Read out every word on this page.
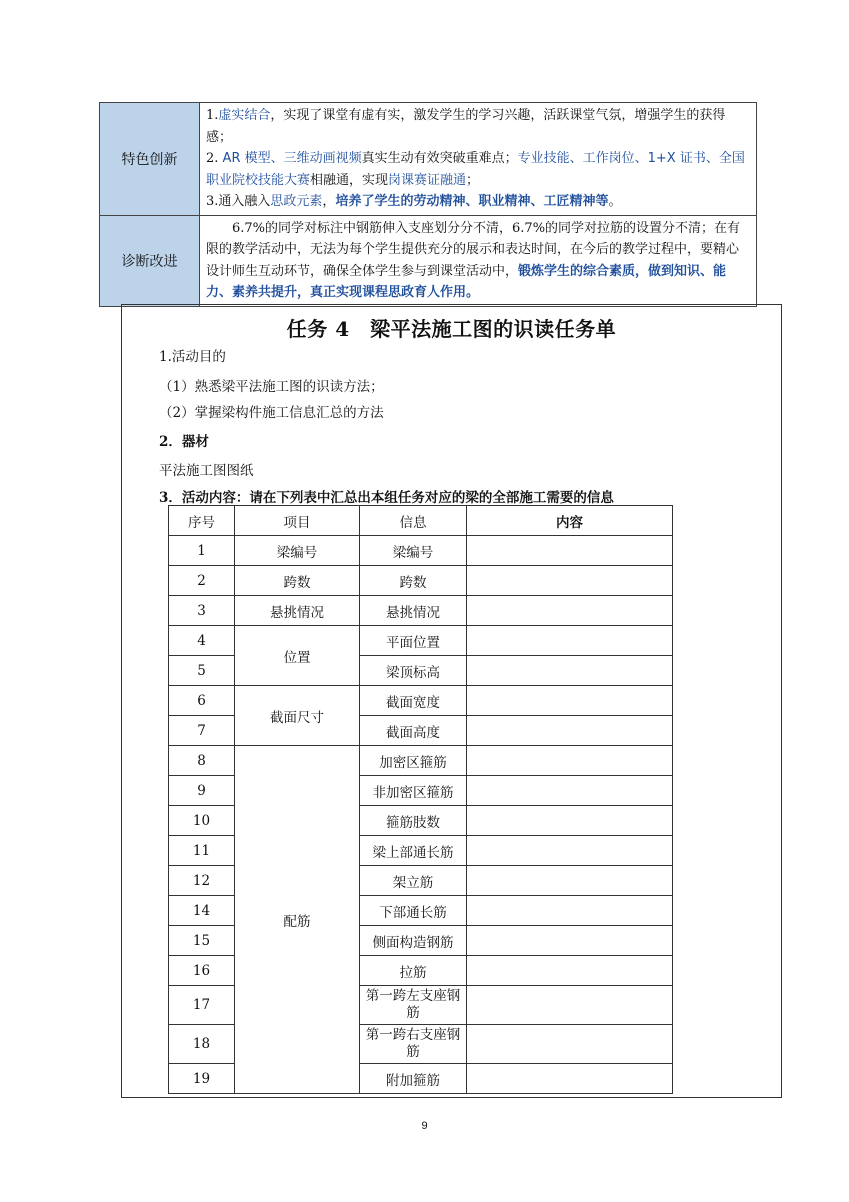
特色创新	1.虚实结合，实现了课堂有虚有实，激发学生的学习兴趣，活跃课堂气氛，增强学生的获得感；
2. AR 模型、三维动画视频真实生动有效突破重难点；专业技能、工作岗位、1+X 证书、全国职业院校技能大赛相融通，实现岗课赛证融通；
3.通入融入思政元素，培养了学生的劳动精神、职业精神、工匠精神等。

诊断改进	6.7%的同学对标注中钢筋伸入支座划分分不清，6.7%的同学对拉筋的设置分不清；在有限的教学活动中，无法为每个学生提供充分的展示和表达时间，在今后的教学过程中，要精心设计师生互动环节，确保全体学生参与到课堂活动中，锻炼学生的综合素质，做到知识、能力、素养共提升，真正实现课程思政育人作用。
任务 4　梁平法施工图的识读任务单
1.活动目的
（1）熟悉梁平法施工图的识读方法；
（2）掌握梁构件施工信息汇总的方法
2．器材
平法施工图图纸
3．活动内容：请在下列表中汇总出本组任务对应的梁的全部施工需要的信息
序号	项目	信息	内容
1	梁编号	梁编号	
2	跨数	跨数	
3	悬挑情况	悬挑情况	
4	位置	平面位置	
5		梁顶标高	
6	截面尺寸	截面宽度	
7		截面高度	
8	配筋	加密区箍筋	
9		非加密区箍筋	
10		箍筋肢数	
11		梁上部通长筋	
12		架立筋	
14		下部通长筋	
15		侧面构造钢筋	
16		拉筋	
17		第一跨左支座钢筋	
18		第一跨右支座钢筋	
19		附加箍筋	
9
